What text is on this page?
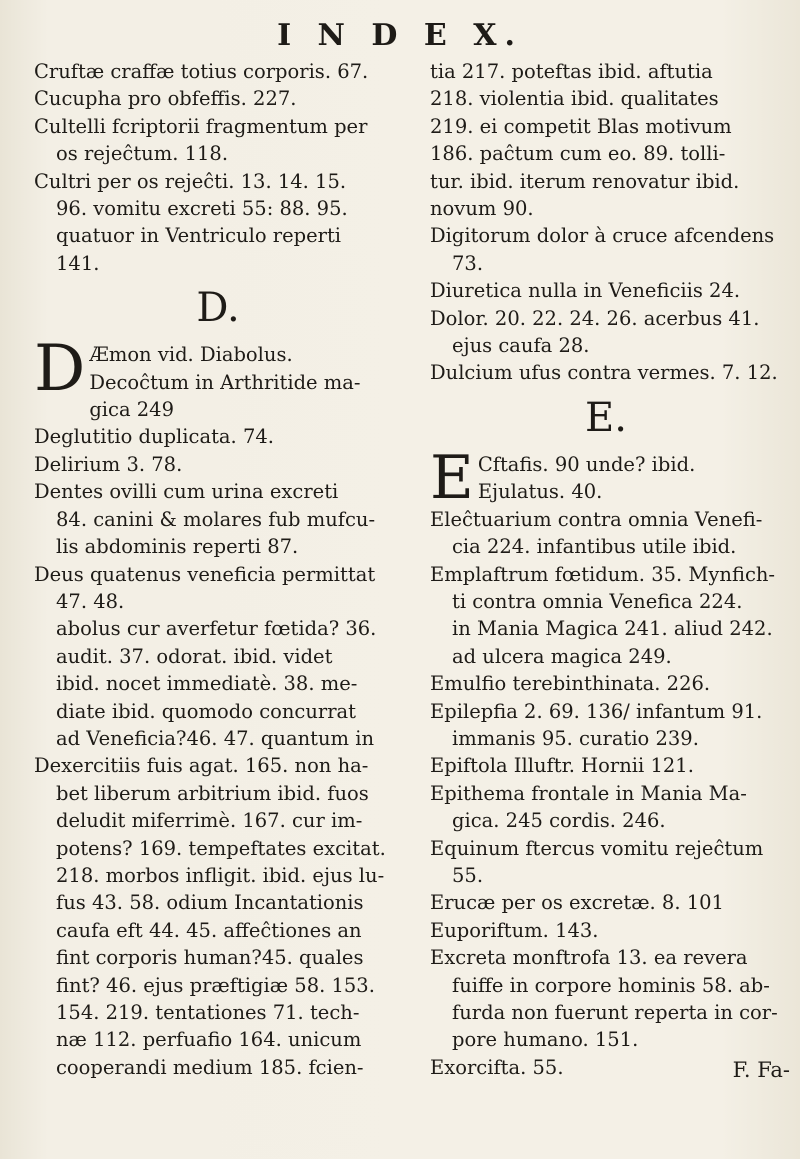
I N D E X.

Cruftæ craffæ totius corporis. 67.

Cucupha pro obfeffis. 227.

Cultelli fcriptorii fragmentum per

os rejeĉtum. 118.

Cultri per os rejeĉti. 13. 14. 15.

96. vomitu excreti 55: 88. 95.

quatuor in Ventriculo reperti

141.

D.
D Æmon vid. Diabolus.

Decoĉtum in Arthritide ma-

gica 249

Deglutitio duplicata. 74.

Delirium 3. 78.

Dentes ovilli cum urina excreti

84. canini & molares fub mufcu-

lis abdominis reperti 87.

Deus quatenus veneficia permittat

47. 48.

abolus cur averfetur fœtida? 36.

audit. 37. odorat. ibid. videt

ibid. nocet immediatè. 38. me-

diate ibid. quomodo concurrat

ad Veneficia?46. 47. quantum in

Dexercitiis fuis agat. 165. non ha-

bet liberum arbitrium ibid. fuos

deludit miferrimè. 167. cur im-

potens? 169. tempeftates excitat.

218. morbos infligit. ibid. ejus lu-

fus 43. 58. odium Incantationis

caufa eft 44. 45. affeĉtiones an

fint corporis human?45. quales

fint? 46. ejus præftigiæ 58. 153.

154. 219. tentationes 71. tech-

næ 112. perfuafio 164. unicum

cooperandi medium 185. fcien-

tia 217. poteftas ibid. aftutia

218. violentia ibid. qualitates

219. ei competit Blas motivum

186. paĉtum cum eo. 89. tolli-

tur. ibid. iterum renovatur ibid.

novum 90.

Digitorum dolor à cruce afcendens

73.

Diuretica nulla in Veneficiis 24.

Dolor. 20. 22. 24. 26. acerbus 41.

ejus caufa 28.

Dulcium ufus contra vermes. 7. 12.

E.
E Cftafis. 90 unde? ibid.

Ejulatus. 40.

Eleĉtuarium contra omnia Venefi-

cia 224. infantibus utile ibid.

Emplaftrum fœtidum. 35. Mynfich-

ti contra omnia Venefica 224.

in Mania Magica 241. aliud 242.

ad ulcera magica 249.

Emulfio terebinthinata. 226.

Epilepfia 2. 69. 136/ infantum 91.

immanis 95. curatio 239.

Epiftola Illuftr. Hornii 121.

Epithema frontale in Mania Ma-

gica. 245 cordis. 246.

Equinum ftercus vomitu rejeĉtum

55.

Erucæ per os excretæ. 8. 101

Euporiftum. 143.

Excreta monftrofa 13. ea revera

fuiffe in corpore hominis 58. ab-

furda non fuerunt reperta in cor-

pore humano. 151.

Exorcifta. 55.	F. Fa-
